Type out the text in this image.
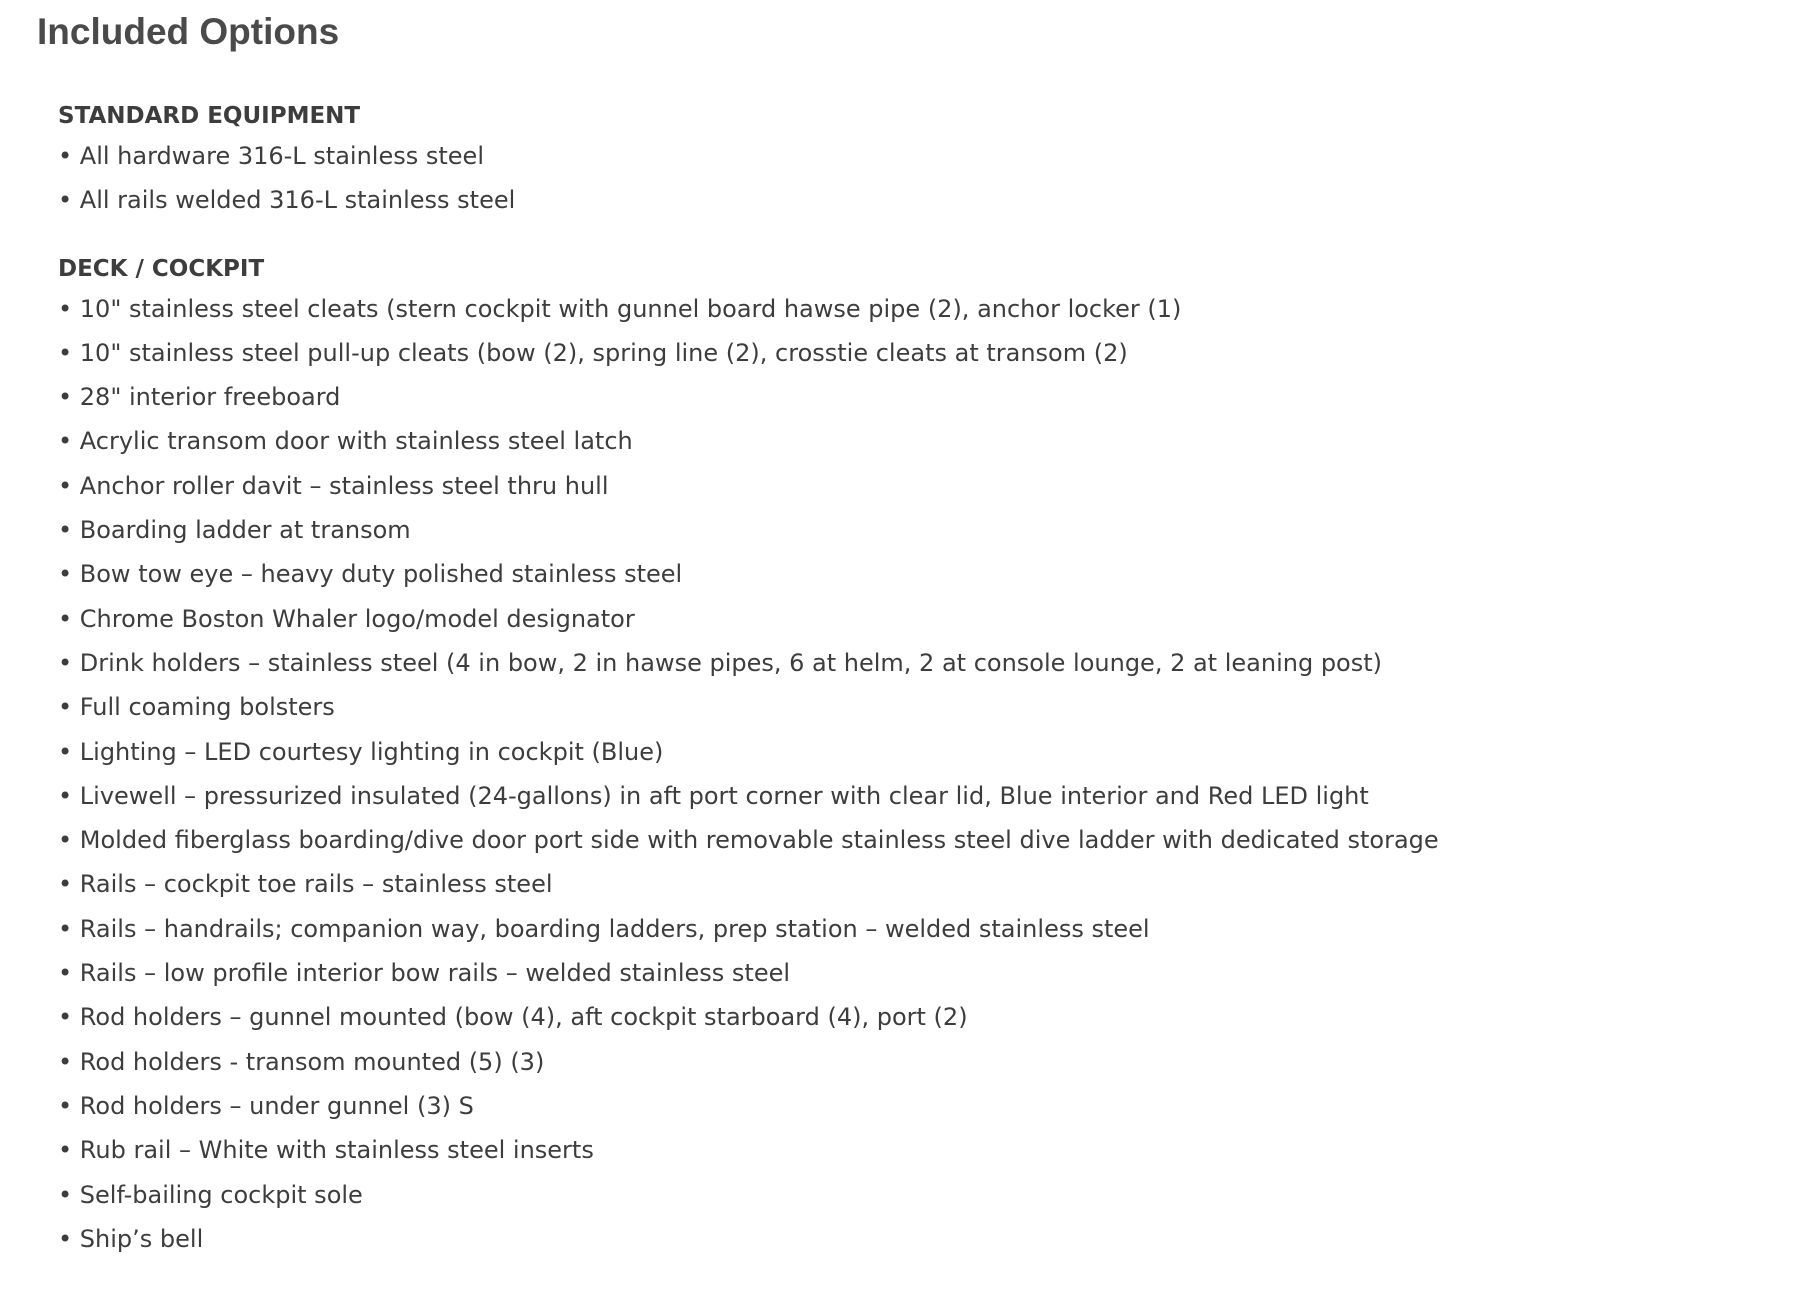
Included Options
STANDARD EQUIPMENT
• All hardware 316-L stainless steel
• All rails welded 316-L stainless steel
DECK / COCKPIT
• 10" stainless steel cleats (stern cockpit with gunnel board hawse pipe (2), anchor locker (1)
• 10" stainless steel pull-up cleats (bow (2), spring line (2), crosstie cleats at transom (2)
• 28" interior freeboard
• Acrylic transom door with stainless steel latch
• Anchor roller davit – stainless steel thru hull
• Boarding ladder at transom
• Bow tow eye – heavy duty polished stainless steel
• Chrome Boston Whaler logo/model designator
• Drink holders – stainless steel (4 in bow, 2 in hawse pipes, 6 at helm, 2 at console lounge, 2 at leaning post)
• Full coaming bolsters
• Lighting – LED courtesy lighting in cockpit (Blue)
• Livewell – pressurized insulated (24-gallons) in aft port corner with clear lid, Blue interior and Red LED light
• Molded fiberglass boarding/dive door port side with removable stainless steel dive ladder with dedicated storage
• Rails – cockpit toe rails – stainless steel
• Rails – handrails; companion way, boarding ladders, prep station – welded stainless steel
• Rails – low profile interior bow rails – welded stainless steel
• Rod holders – gunnel mounted (bow (4), aft cockpit starboard (4), port (2)
• Rod holders - transom mounted (5) (3)
• Rod holders – under gunnel (3) S
• Rub rail – White with stainless steel inserts
• Self-bailing cockpit sole
• Ship’s bell
